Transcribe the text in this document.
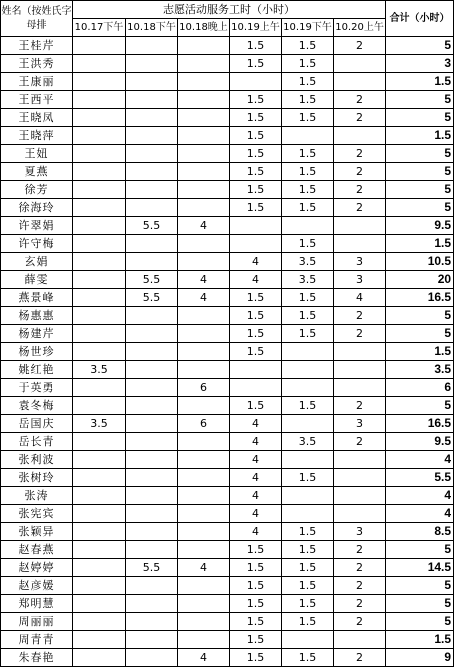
姓名（按姓氏字母排	志愿活动服务工时（小时）						合计（小时）
	10.17下午	10.18下午	10.18晚上	10.19上午	10.19下午	10.20上午	
王桂芹				1.5	1.5	2	5
王洪秀				1.5	1.5		3
王康丽					1.5		1.5
王西平				1.5	1.5	2	5
王晓凤				1.5	1.5	2	5
王晓萍				1.5			1.5
王妞				1.5	1.5	2	5
夏燕				1.5	1.5	2	5
徐芳				1.5	1.5	2	5
徐海玲				1.5	1.5	2	5
许翠娟		5.5	4				9.5
许守梅					1.5		1.5
玄娟				4	3.5	3	10.5
薛雯		5.5	4	4	3.5	3	20
燕景峰		5.5	4	1.5	1.5	4	16.5
杨惠惠				1.5	1.5	2	5
杨建芹				1.5	1.5	2	5
杨世珍				1.5			1.5
姚红艳	3.5						3.5
于英勇			6				6
袁冬梅				1.5	1.5	2	5
岳国庆	3.5		6	4		3	16.5
岳长青				4	3.5	2	9.5
张利波				4			4
张树玲				4	1.5		5.5
张涛				4			4
张宪宾				4			4
张颖异				4	1.5	3	8.5
赵春燕				1.5	1.5	2	5
赵婷婷		5.5	4	1.5	1.5	2	14.5
赵彦媛				1.5	1.5	2	5
郑明慧				1.5	1.5	2	5
周丽丽				1.5	1.5	2	5
周青青				1.5			1.5
朱春艳			4	1.5	1.5	2	9
